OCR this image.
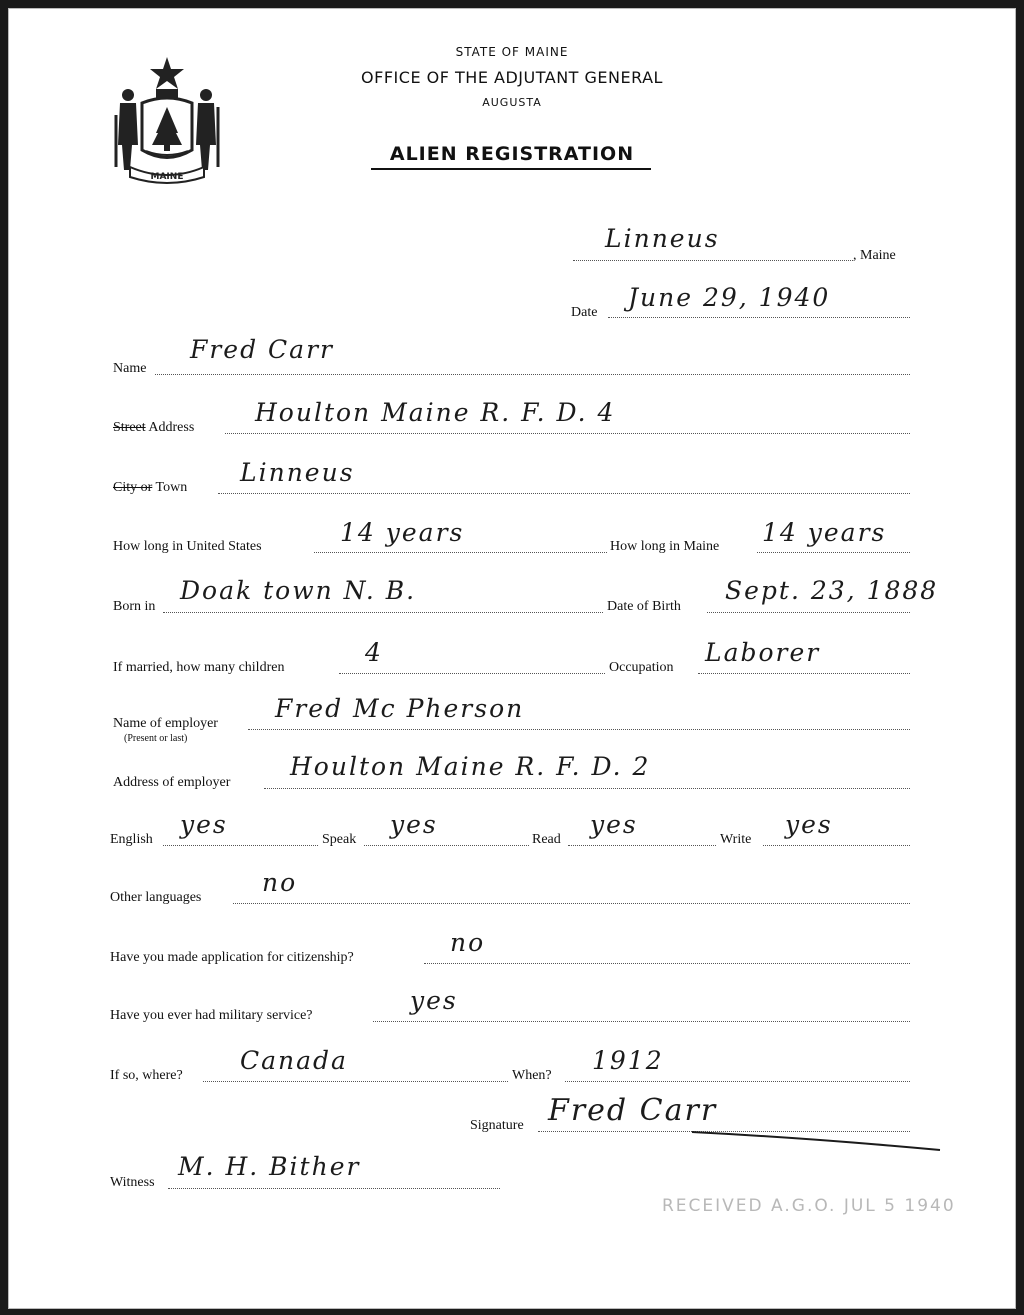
MAINE
STATE OF MAINE
OFFICE OF THE ADJUTANT GENERAL
AUGUSTA
ALIEN REGISTRATION
Linneus
, Maine
Date
June 29, 1940
Name
Fred Carr
Street Address
Houlton Maine R. F. D. 4
City or Town
Linneus
How long in United States	14 years	How long in Maine 14 years
Born in
Doak town N. B.
Date of Birth
Sept. 23, 1888
If married, how many children
4
Occupation
Laborer
Name of employer
(Present or last)
Fred Mc Pherson
Address of employer
Houlton Maine R. F. D. 2
English
yes
Speak
yes
Read
yes
Write
yes
Other languages
no
Have you made application for citizenship?
no
Have you ever had military service?
yes
If so, where?
Canada
When?
1912
Signature Fred Carr
Witness
M. H. Bither
RECEIVED A.G.O. JUL 5 1940
